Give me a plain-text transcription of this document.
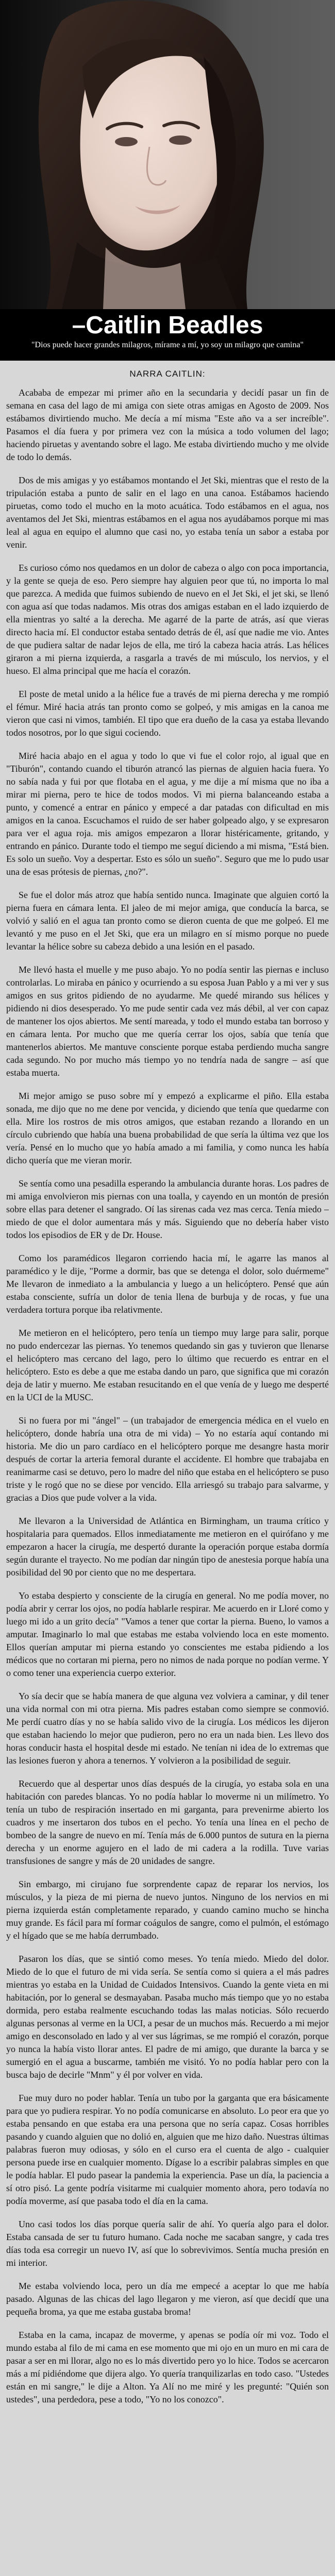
–Caitlin Beadles

"Dios puede hacer grandes milagros, mírame a mí, yo soy un milagro que camina"

NARRA CAITLIN:

Acababa de empezar mi primer año en la secundaria y decidí pasar un fin de semana en casa del lago de mi amiga con siete otras amigas en Agosto de 2009. Nos estábamos divirtiendo mucho. Me decía a mí misma "Este año va a ser increíble". Pasamos el día fuera y por primera vez con la música a todo volumen del lago; haciendo piruetas y aventando sobre el lago. Me estaba divirtiendo mucho y me olvide de todo lo demás.

Dos de mis amigas y yo estábamos montando el Jet Ski, mientras que el resto de la tripulación estaba a punto de salir en el lago en una canoa. Estábamos haciendo piruetas, como todo el mucho en la moto acuática. Todo estábamos en el agua, nos aventamos del Jet Ski, mientras estábamos en el agua nos ayudábamos porque mi mas leal al agua en equipo el alumno que casi no, yo estaba tenía un sabor a estaba por venir.

Es curioso cómo nos quedamos en un dolor de cabeza o algo con poca importancia, y la gente se queja de eso. Pero siempre hay alguien peor que tú, no importa lo mal que parezca. A medida que fuimos subiendo de nuevo en el Jet Ski, el jet ski, se llenó con agua así que todas nadamos. Mis otras dos amigas estaban en el lado izquierdo de ella mientras yo salté a la derecha. Me agarré de la parte de atrás, así que vieras directo hacia mí. El conductor estaba sentado detrás de él, así que nadie me vio. Antes de que pudiera saltar de nadar lejos de ella, me tiró la cabeza hacia atrás. Las hélices giraron a mi pierna izquierda, a rasgarla a través de mi músculo, los nervios, y el hueso. El alma principal que me hacía el corazón.

El poste de metal unido a la hélice fue a través de mi pierna derecha y me rompió el fémur. Miré hacia atrás tan pronto como se golpeó, y mis amigas en la canoa me vieron que casi ni vimos, también. El tipo que era dueño de la casa ya estaba llevando todos nosotros, por lo que sigui cociendo.

Miré hacia abajo en el agua y todo lo que vi fue el color rojo, al igual que en "Tiburón", contando cuando el tiburón atrancó las piernas de alguien hacia fuera. Yo no sabía nada y fui por que flotaba en el agua, y me dije a mí misma que no iba a mirar mi pierna, pero te hice de todos modos. Vi mi pierna balanceando estaba a punto, y comencé a entrar en pánico y empecé a dar patadas con dificultad en mis amigos en la canoa. Escuchamos el ruido de ser haber golpeado algo, y se expresaron para ver el agua roja. mis amigos empezaron a llorar histéricamente, gritando, y entrando en pánico. Durante todo el tiempo me seguí diciendo a mi misma, "Está bien. Es solo un sueño. Voy a despertar. Esto es sólo un sueño". Seguro que me lo pudo usar una de esas prótesis de piernas, ¿no?".

Se fue el dolor más atroz que había sentido nunca. Imaginate que alguien cortó la pierna fuera en cámara lenta. El jaleo de mi mejor amiga, que conducía la barca, se volvió y salió en el agua tan pronto como se dieron cuenta de que me golpeó. El me levantó y me puso en el Jet Ski, que era un milagro en sí mismo porque no puede levantar la hélice sobre su cabeza debido a una lesión en el pasado.

Me llevó hasta el muelle y me puso abajo. Yo no podía sentir las piernas e incluso controlarlas. Lo miraba en pánico y ocurriendo a su esposa Juan Pablo y a mi ver y sus amigos en sus gritos pidiendo de no ayudarme. Me quedé mirando sus hélices y pidiendo ni dios desesperado. Yo me pude sentir cada vez más débil, al ver con capaz de mantener los ojos abiertos. Me sentí mareada, y todo el mundo estaba tan borroso y en cámara lenta. Por mucho que me quería cerrar los ojos, sabía que tenía que mantenerlos abiertos. Me mantuve consciente porque estaba perdiendo mucha sangre cada segundo. No por mucho más tiempo yo no tendría nada de sangre – así que estaba muerta.

Mi mejor amigo se puso sobre mí y empezó a explicarme el piño. Ella estaba sonada, me dijo que no me dene por vencida, y diciendo que tenía que quedarme con ella. Mire los rostros de mis otros amigos, que estaban rezando a llorando en un círculo cubriendo que había una buena probabilidad de que sería la última vez que los vería. Pensé en lo mucho que yo había amado a mi familia, y como nunca les había dicho quería que me vieran morir.

Se sentía como una pesadilla esperando la ambulancia durante horas. Los padres de mi amiga envolvieron mis piernas con una toalla, y cayendo en un montón de presión sobre ellas para detener el sangrado. Oí las sirenas cada vez mas cerca. Tenía miedo – miedo de que el dolor aumentara más y más. Siguiendo que no debería haber visto todos los episodios de ER y de Dr. House.

Como los paramédicos llegaron corriendo hacia mí, le agarre las manos al paramédico y le dije, "Porme a dormir, bas que se detenga el dolor, solo duérmeme" Me llevaron de inmediato a la ambulancia y luego a un helicóptero. Pensé que aún estaba consciente, sufría un dolor de tenia llena de burbuja y de rocas, y fue una verdadera tortura porque iba relativmente.

Me metieron en el helicóptero, pero tenía un tiempo muy large para salir, porque no pudo endercezar las piernas. Yo tenemos quedando sin gas y tuvieron que llenarse el helicóptero mas cercano del lago, pero lo último que recuerdo es entrar en el helicóptero. Esto es debe a que me estaba dando un paro, que significa que mi corazón deja de latir y muerno. Me estaban resucitando en el que venía de y luego me desperté en la UCI de la MUSC.

Si no fuera por mi "ángel" – (un trabajador de emergencia médica en el vuelo en helicóptero, donde habría una otra de mi vida) – Yo no estaría aquí contando mi historia. Me dio un paro cardíaco en el helicóptero porque me desangre hasta morir después de cortar la arteria femoral durante el accidente. El hombre que trabajaba en reanimarme casi se detuvo, pero lo madre del niño que estaba en el helicóptero se puso triste y le rogó que no se diese por vencido. Ella arriesgó su trabajo para salvarme, y gracias a Dios que pude volver a la vida.

Me llevaron a la Universidad de Atlántica en Birmingham, un trauma crítico y hospitalaria para quemados. Ellos inmediatamente me metieron en el quirófano y me empezaron a hacer la cirugía, me despertó durante la operación porque estaba dormía según durante el trayecto. No me podían dar ningún tipo de anestesia porque había una posibilidad del 90 por ciento que no me despertara.

Yo estaba despierto y consciente de la cirugía en general. No me podía mover, no podía abrir y cerrar los ojos, no podía hablarle respirar. Me acuerdo en ir Lloré como y luego mi ido a un grito decía" "Vamos a tener que cortar la pierna. Bueno, lo vamos a amputar. Imaginarlo lo mal que estabas me estaba volviendo loca en este momento. Ellos querían amputar mi pierna estando yo conscientes me estaba pidiendo a los médicos que no cortaran mi pierna, pero no nimos de nada porque no podían verme. Y o como tener una experiencia cuerpo exterior.

Yo sía decir que se había manera de que alguna vez volviera a caminar, y dil tener una vida normal con mi otra pierna. Mis padres estaban como siempre se conmovió. Me perdí cuatro días y no se había salido vivo de la cirugía. Los médicos les dijeron que estaban haciendo lo mejor que pudieron, pero no era un nada bien. Les llevo dos horas conducir hasta el hospital desde mi estado. Ne tenían ni idea de lo extremas que las lesiones fueron y ahora a tenernos. Y volvieron a la posibilidad de seguir.

Recuerdo que al despertar unos días después de la cirugía, yo estaba sola en una habitación con paredes blancas. Yo no podía hablar lo moverme ni un milímetro. Yo tenía un tubo de respiración insertado en mi garganta, para prevenirme abierto los cuadros y me insertaron dos tubos en el pecho. Yo tenía una línea en el pecho de bombeo de la sangre de nuevo en mí. Tenía más de 6.000 puntos de sutura en la pierna derecha y un enorme agujero en el lado de mi cadera a la rodilla. Tuve varias transfusiones de sangre y más de 20 unidades de sangre.

Sin embargo, mi cirujano fue sorprendente capaz de reparar los nervios, los músculos, y la pieza de mi pierna de nuevo juntos. Ninguno de los nervios en mi pierna izquierda están completamente reparado, y cuando camino mucho se hincha muy grande. Es fácil para mí formar coágulos de sangre, como el pulmón, el estómago y el hígado que se me había derrumbado.

Pasaron los días, que se sintió como meses. Yo tenía miedo. Miedo del dolor. Miedo de lo que el futuro de mi vida sería. Se sentía como si quiera a el más padres mientras yo estaba en la Unidad de Cuidados Intensivos. Cuando la gente vieta en mi habitación, por lo general se desmayaban. Pasaba mucho más tiempo que yo no estaba dormida, pero estaba realmente escuchando todas las malas noticias. Sólo recuerdo algunas personas al verme en la UCI, a pesar de un muchos más. Recuerdo a mi mejor amigo en desconsolado en lado y al ver sus lágrimas, se me rompió el corazón, porque yo nunca la había visto llorar antes. El padre de mi amigo, que durante la barca y se sumergió en el agua a buscarme, también me visitó. Yo no podía hablar pero con la busca bajo de decirle "Mnm" y él por volver en vida.

Fue muy duro no poder hablar. Tenía un tubo por la garganta que era básicamente para que yo pudiera respirar. Yo no podía comunicarse en absoluto. Lo peor era que yo estaba pensando en que estaba era una persona que no sería capaz. Cosas horribles pasando y cuando alguien que no dolió en, alguien que me hizo daño. Nuestras últimas palabras fueron muy odiosas, y sólo en el curso era el cuenta de algo - cualquier persona puede irse en cualquier momento. Dígase lo a escribir palabras simples en que le podía hablar. El pudo pasear la pandemia la experiencia. Pase un día, la paciencia a sí otro pisó. La gente podría visitarme mi cualquier momento ahora, pero todavía no podía moverme, así que pasaba todo el día en la cama.

Uno casi todos los días porque quería salir de ahí. Yo quería algo para el dolor. Estaba cansada de ser tu futuro humano. Cada noche me sacaban sangre, y cada tres días toda esa corregir un nuevo IV, así que lo sobrevivimos. Sentía mucha presión en mi interior.

Me estaba volviendo loca, pero un día me empecé a aceptar lo que me había pasado. Algunas de las chicas del lago llegaron y me vieron, así que decidí que una pequeña broma, ya que me estaba gustaba broma!

Estaba en la cama, incapaz de moverme, y apenas se podía oír mi voz. Todo el mundo estaba al filo de mi cama en ese momento que mi ojo en un muro en mi cara de pasar a ser en mi llorar, algo no es lo más divertido pero yo lo hice. Todos se acercaron más a mí pidiéndome que dijera algo. Yo quería tranquilizarlas en todo caso. "Ustedes están en mi sangre," le dije a Alton. Ya Alí no me miré y les pregunté: "Quién son ustedes", una perdedora, pese a todo, "Yo no los conozco".
